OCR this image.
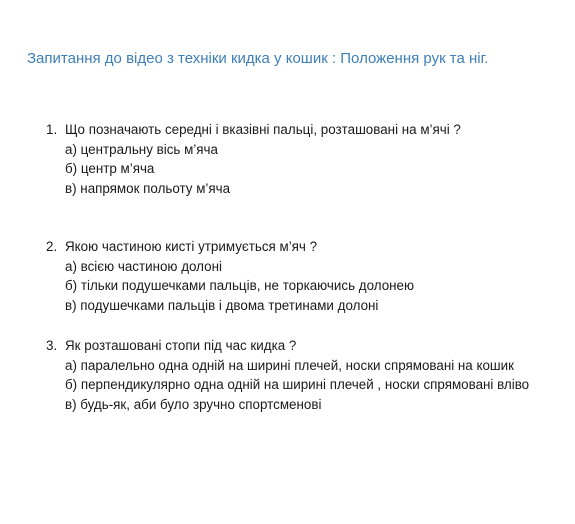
Запитання до відео з техніки кидка у кошик : Положення рук та ніг.
1. Що позначають середні і вказівні пальці, розташовані на м’ячі ?
а) центральну вісь м’яча
б) центр м’яча
в) напрямок польоту м’яча
2. Якою частиною кисті утримується м’яч ?
а) всією частиною долоні
б) тільки подушечками пальців, не торкаючись долонею
в) подушечками пальців і двома третинами долоні
3. Як розташовані стопи під час кидка ?
а) паралельно одна одній на ширині плечей, носки спрямовані на кошик
б) перпендикулярно одна одній на ширині плечей , носки спрямовані вліво
в) будь-як, аби було зручно спортсменові
